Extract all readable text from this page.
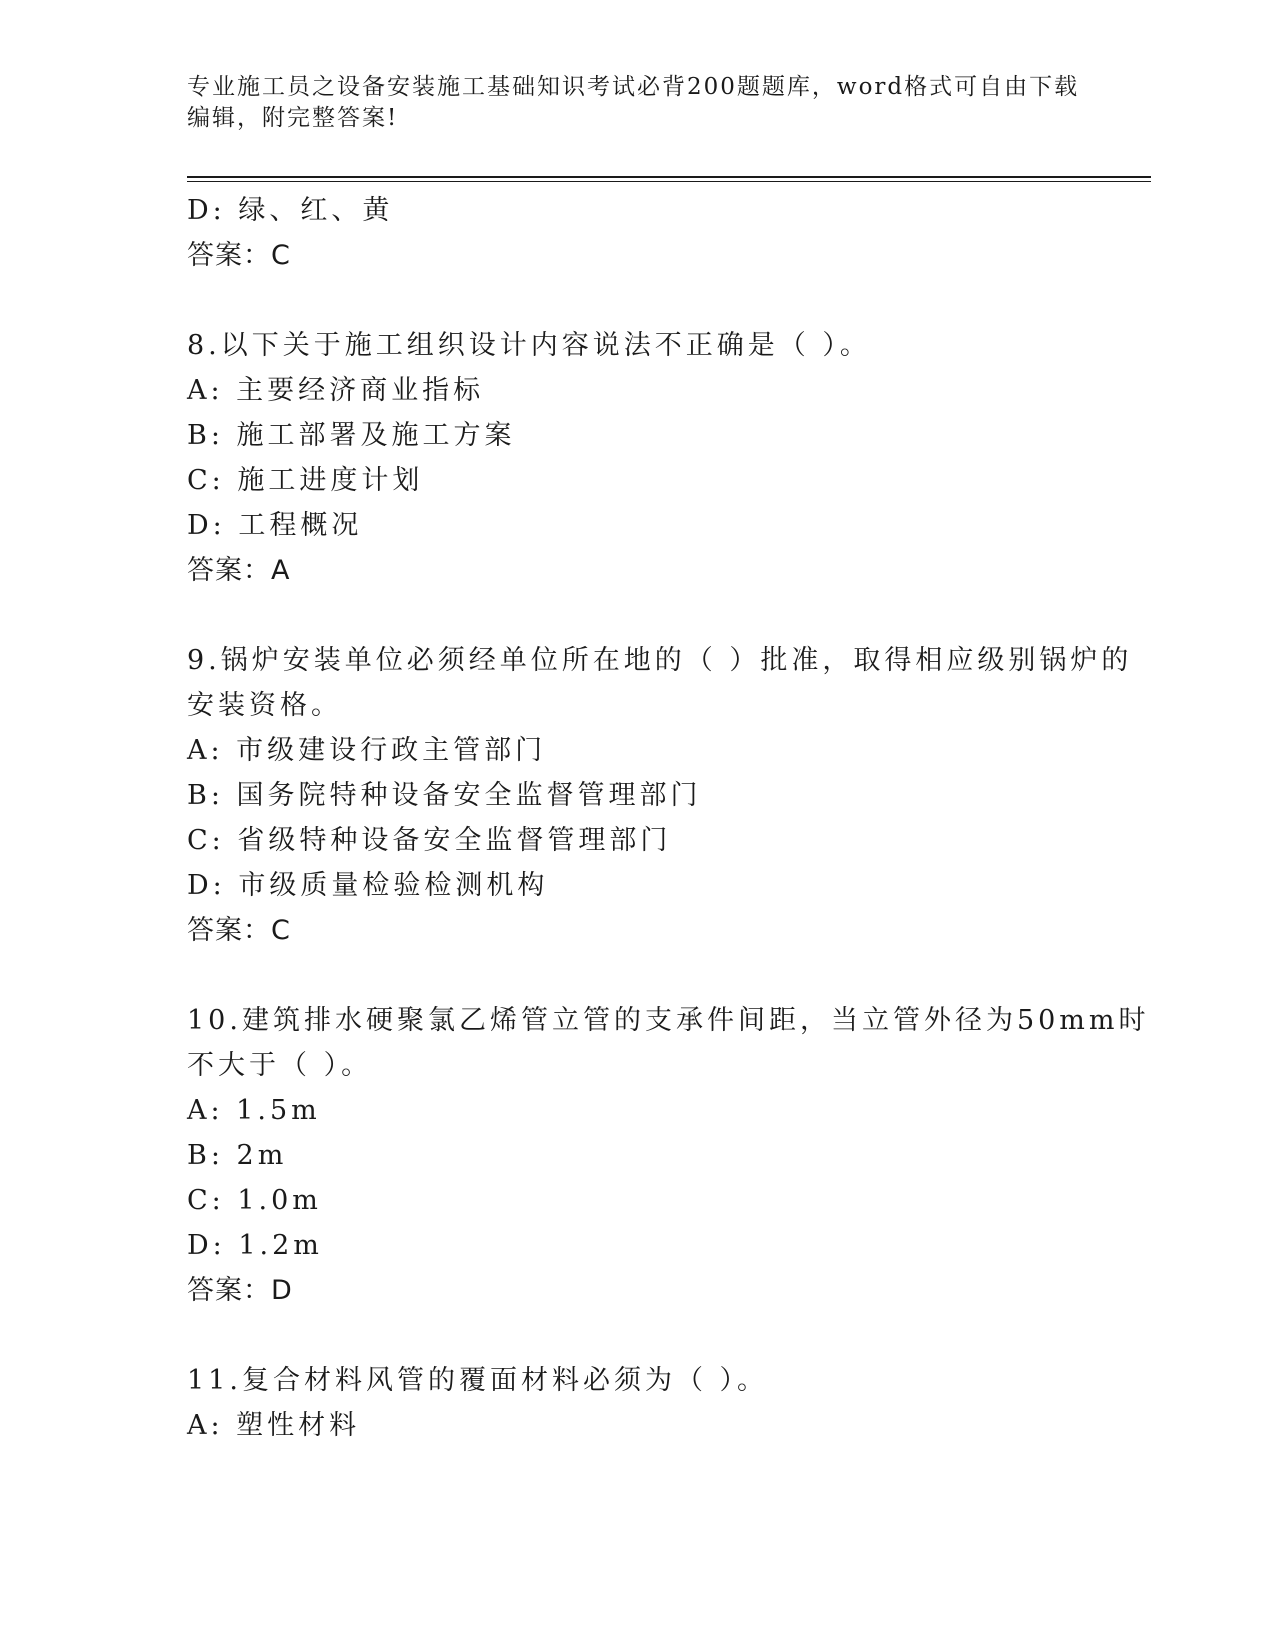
专业施工员之设备安装施工基础知识考试必背200题题库，word格式可自由下载编辑，附完整答案!
D: 绿、红、黄
答案：C
8.以下关于施工组织设计内容说法不正确是（ ）。
A: 主要经济商业指标
B: 施工部署及施工方案
C: 施工进度计划
D: 工程概况
答案：A
9.锅炉安装单位必须经单位所在地的（ ）批准，取得相应级别锅炉的
安装资格。
A: 市级建设行政主管部门
B: 国务院特种设备安全监督管理部门
C: 省级特种设备安全监督管理部门
D: 市级质量检验检测机构
答案：C
10.建筑排水硬聚氯乙烯管立管的支承件间距，当立管外径为50mm时
不大于（ ）。
A: 1.5m
B: 2m
C: 1.0m
D: 1.2m
答案：D
11.复合材料风管的覆面材料必须为（ ）。
A: 塑性材料
